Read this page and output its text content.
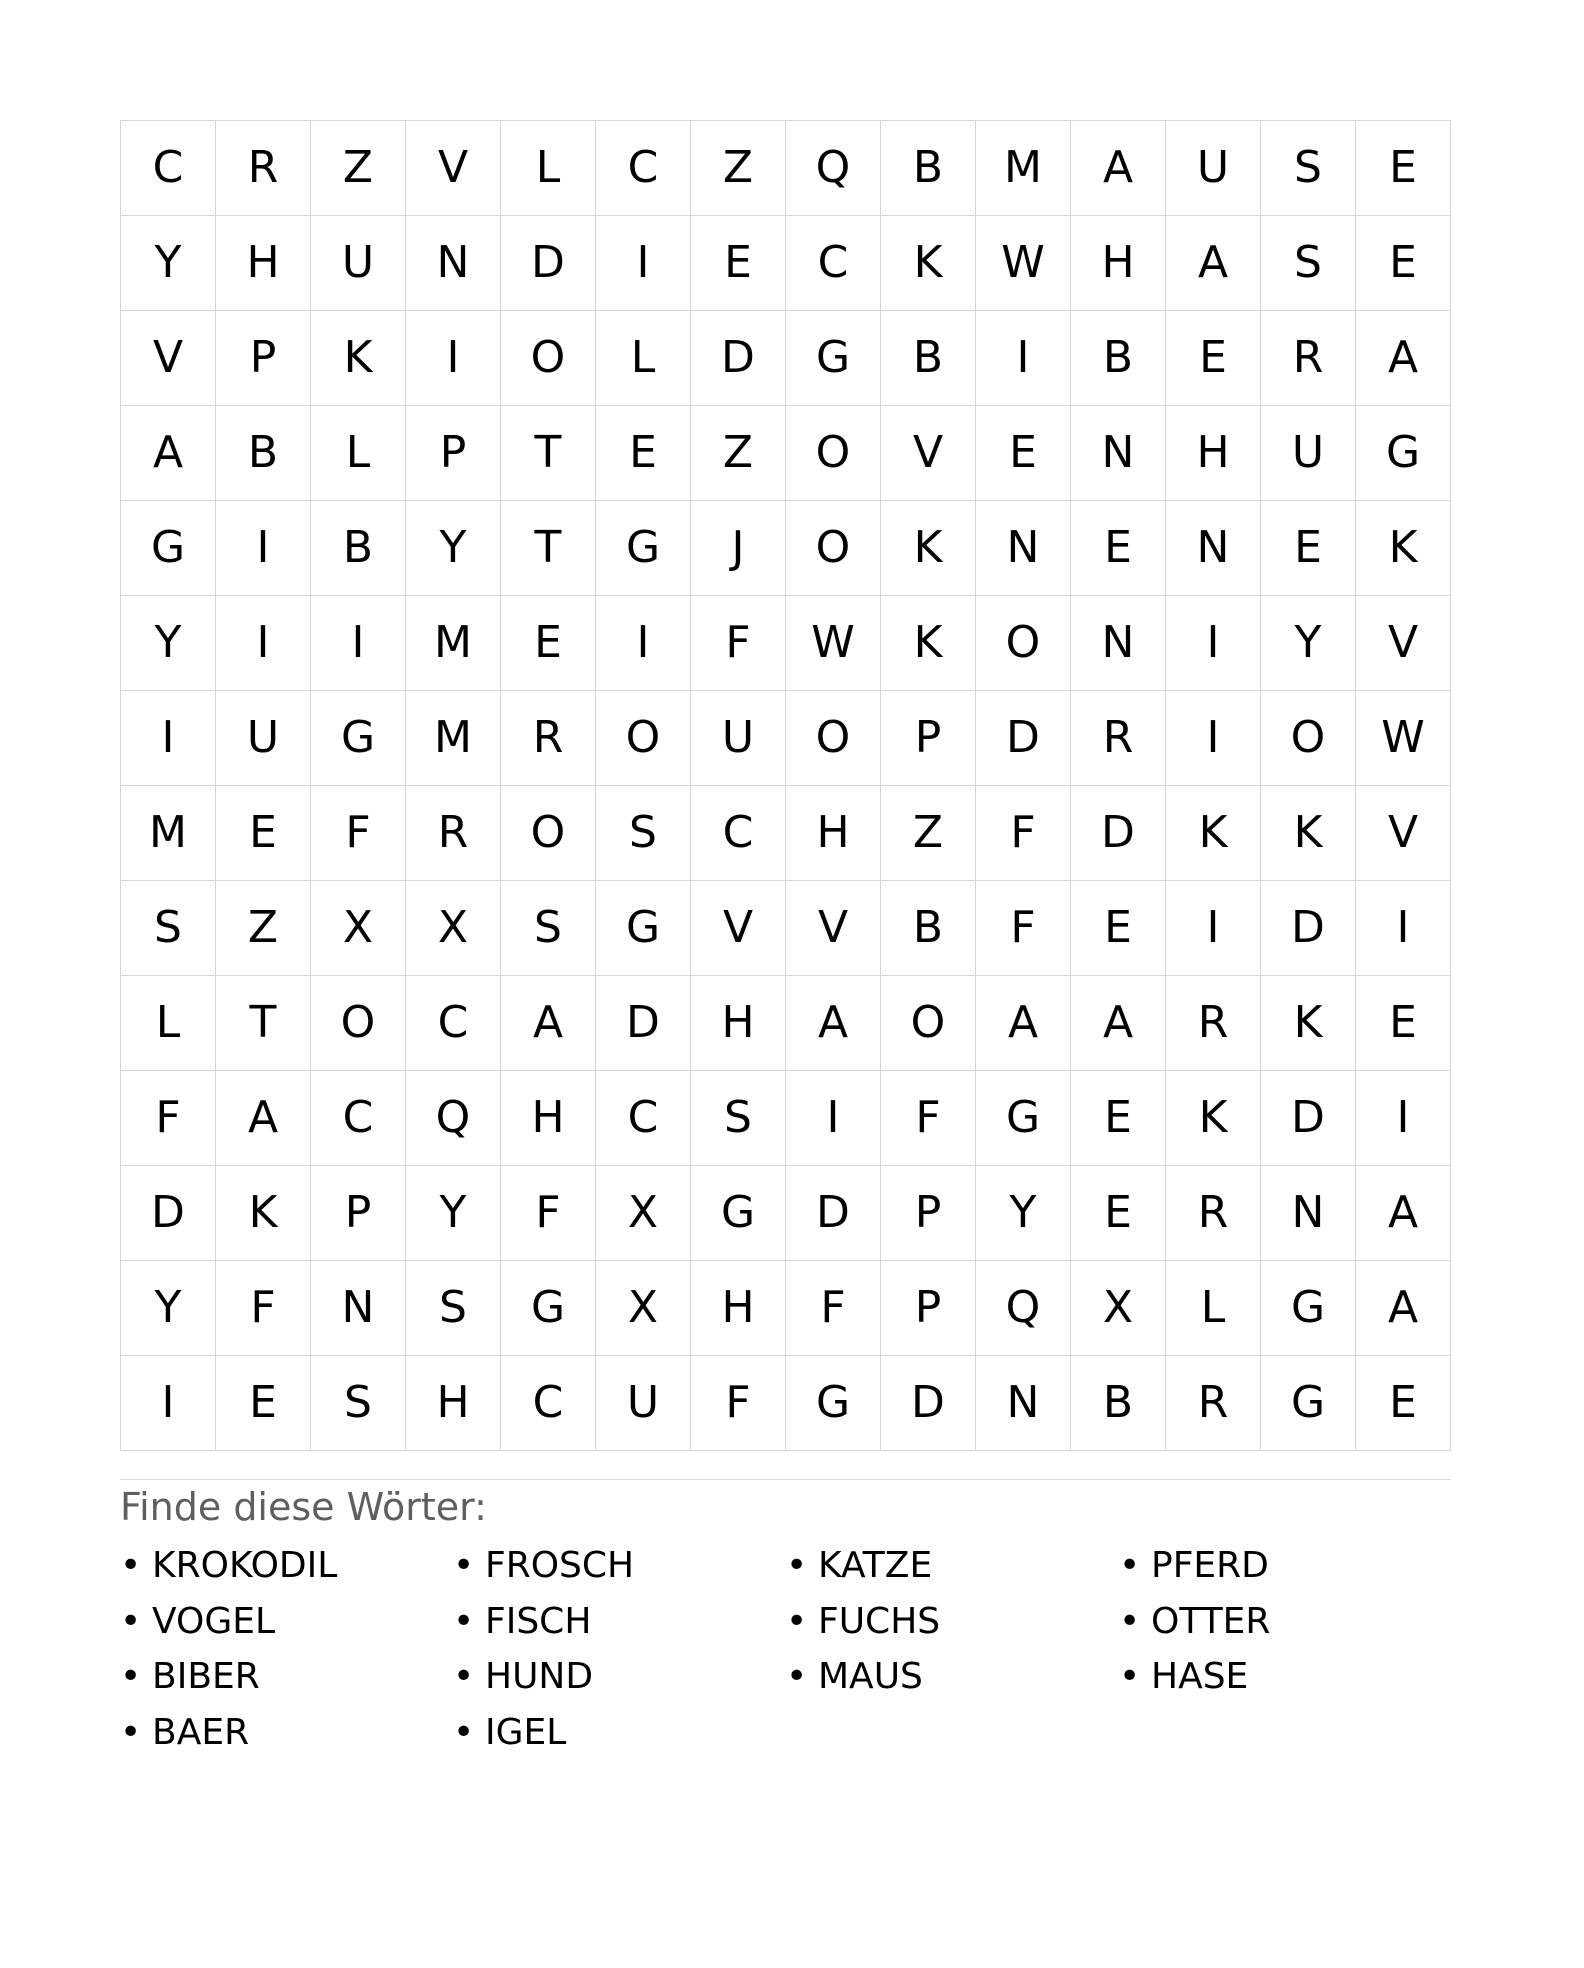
C	R	Z	V	L	C	Z	Q	B	M	A	U	S	E
Y	H	U	N	D	I	E	C	K	W	H	A	S	E
V	P	K	I	O	L	D	G	B	I	B	E	R	A
A	B	L	P	T	E	Z	O	V	E	N	H	U	G
G	I	B	Y	T	G	J	O	K	N	E	N	E	K
Y	I	I	M	E	I	F	W	K	O	N	I	Y	V
I	U	G	M	R	O	U	O	P	D	R	I	O	W
M	E	F	R	O	S	C	H	Z	F	D	K	K	V
S	Z	X	X	S	G	V	V	B	F	E	I	D	I
L	T	O	C	A	D	H	A	O	A	A	R	K	E
F	A	C	Q	H	C	S	I	F	G	E	K	D	I
D	K	P	Y	F	X	G	D	P	Y	E	R	N	A
Y	F	N	S	G	X	H	F	P	Q	X	L	G	A
I	E	S	H	C	U	F	G	D	N	B	R	G	E
Finde diese Wörter:
• KROKODIL	• FROSCH	• KATZE	• PFERD
• VOGEL	• FISCH	• FUCHS	• OTTER
• BIBER	• HUND	• MAUS	• HASE
• BAER	• IGEL
